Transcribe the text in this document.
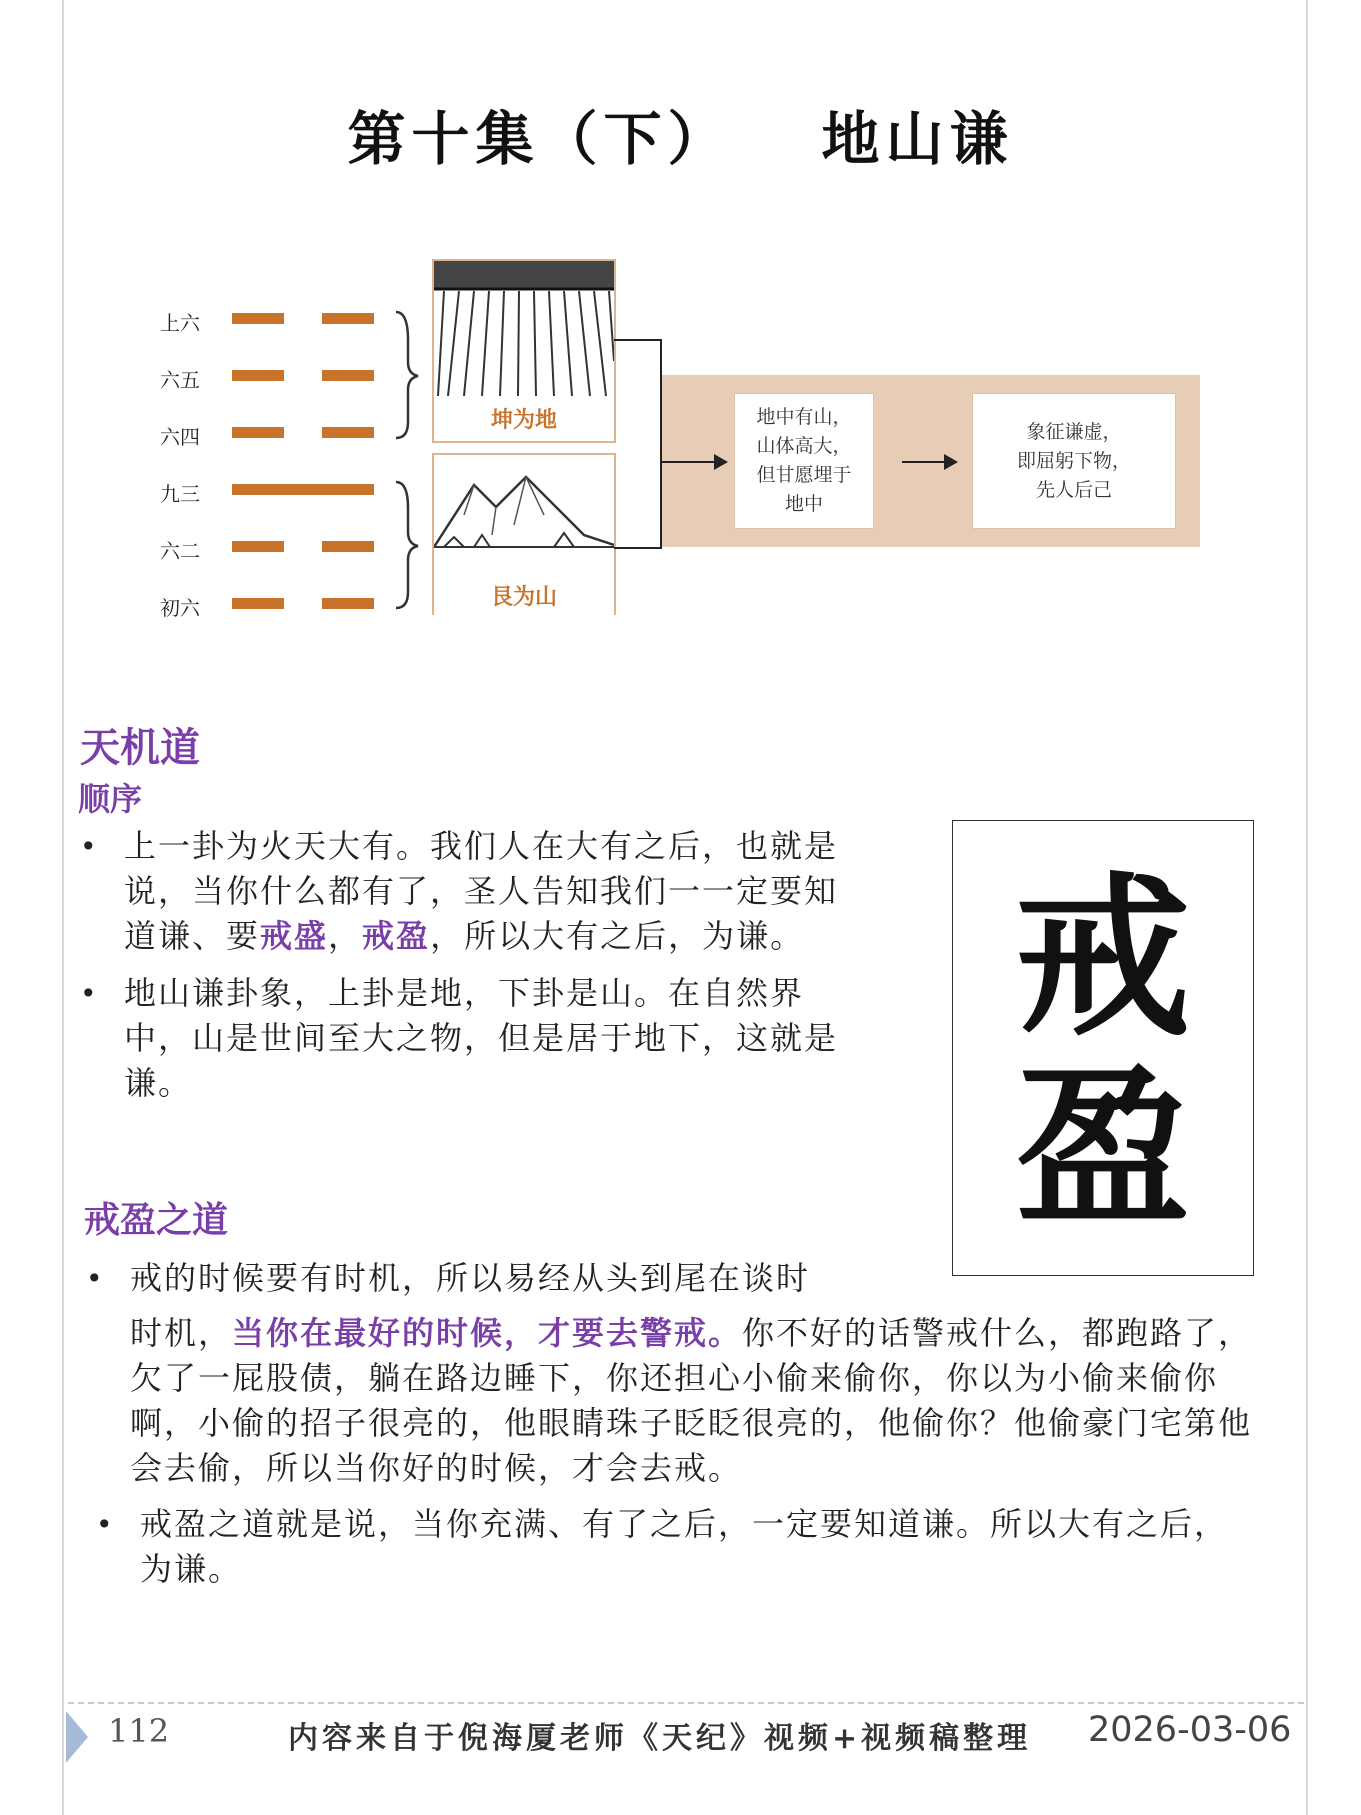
第十集（下） 地山谦
上六
六五
六四
九三
六二
初六
坤为地
艮为山
地中有山，
山体高大，
但甘愿埋于
地中
象征谦虚，
即屈躬下物，
先人后己
天机道
顺序
• 上一卦为火天大有。我们人在大有之后，也就是说，当你什么都有了，圣人告知我们一一定要知道谦、要戒盛，戒盈，所以大有之后，为谦。
• 地山谦卦象，上卦是地，下卦是山。在自然界中，山是世间至大之物，但是居于地下，这就是谦。
戒
盈
戒盈之道
• 戒的时候要有时机，所以易经从头到尾在谈时
时机，当你在最好的时候，才要去警戒。你不好的话警戒什么，都跑路了，欠了一屁股债，躺在路边睡下，你还担心小偷来偷你，你以为小偷来偷你啊，小偷的招子很亮的，他眼睛珠子眨眨很亮的，他偷你？他偷豪门宅第他会去偷，所以当你好的时候，才会去戒。
• 戒盈之道就是说，当你充满、有了之后，一定要知道谦。所以大有之后，为谦。
112	内容来自于倪海厦老师《天纪》视频+视频稿整理 2026-03-06
